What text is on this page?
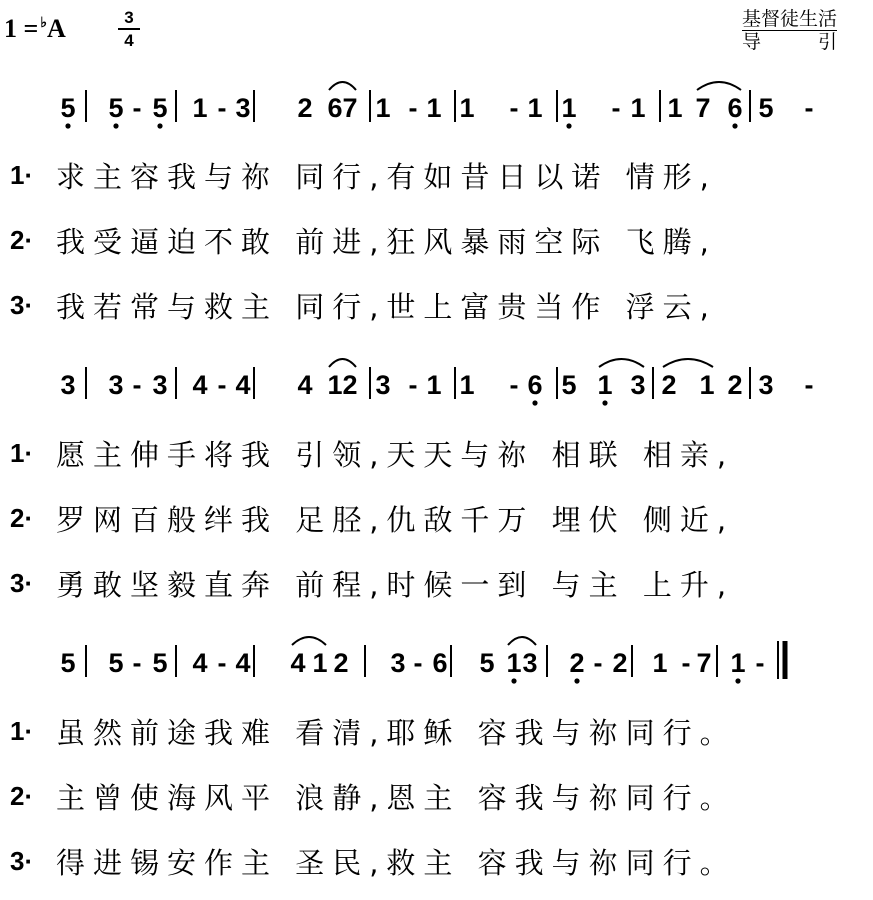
1 = ♭A	3
4
基督徒生活
导	引
5 5 - 5 1 - 3 2 6 7 1 - 1 1 - 1 1 - 1 1 7 6 5 -
1· 求主容我与祢 同行,有如昔日以诺 情形,
2· 我受逼迫不敢 前进,狂风暴雨空际 飞腾,
3· 我若常与救主 同行,世上富贵当作 浮云,
3 3 - 3 4 - 4 4 1 2 3 - 1 1 - 6 5 1 3 2 1 2 3 -
1· 愿主伸手将我 引领,天天与祢 相联 相亲,
2· 罗网百般绊我 足胫,仇敌千万 埋伏 侧近,
3· 勇敢坚毅直奔 前程,时候一到 与主 上升,
5 5 - 5 4 - 4 4 1 2 3 - 6 5 1 3 2 - 2 1 - 7 1 -
1· 虽然前途我难 看清,耶稣 容我与祢同行。
2· 主曾使海风平 浪静,恩主 容我与祢同行。
3· 得进锡安作主 圣民,救主 容我与祢同行。
